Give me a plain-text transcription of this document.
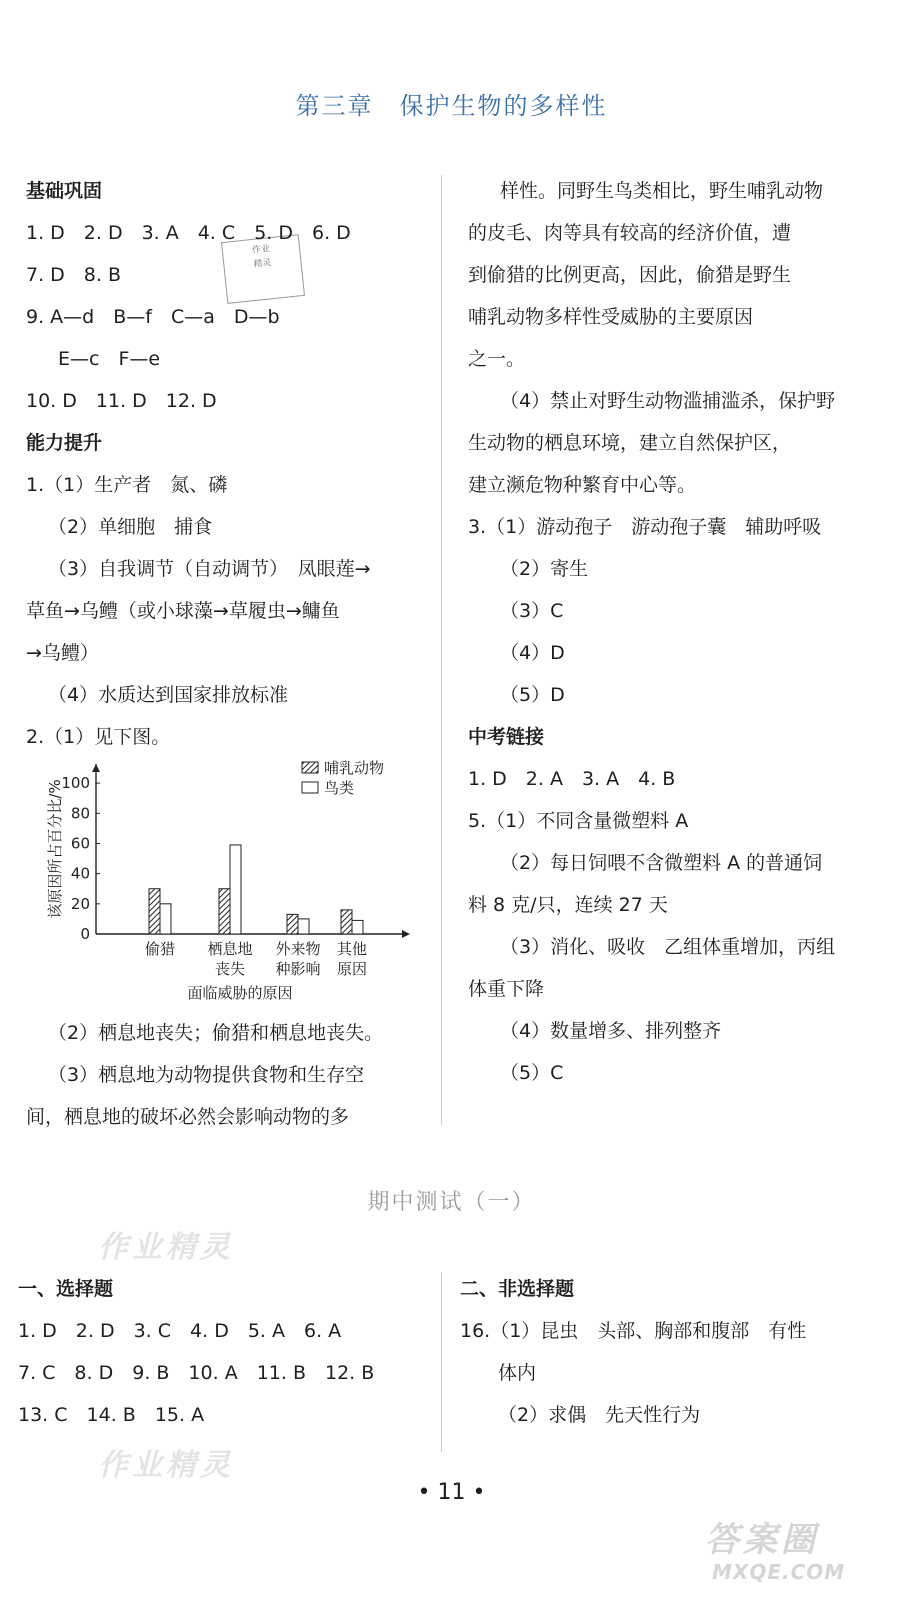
第三章　保护生物的多样性
作业
精灵
基础巩固
1. D　2. D　3. A　4. C　5. D　6. D
7. D　8. B
9. A—d　B—f　C—a　D—b
E—c　F—e
10. D　11. D　12. D
能力提升
1.（1）生产者　氮、磷
（2）单细胞　捕食
（3）自我调节（自动调节）　凤眼莲→
草鱼→乌鳢（或小球藻→草履虫→鳙鱼
→乌鳢）
（4）水质达到国家排放标准
2.（1）见下图。
0
20
40
60
80
100
该原因所占百分比/%
偷猎 栖息地
丧失
外来物
种影响
其他
原因
面临威胁的原因
哺乳动物
鸟类
（2）栖息地丧失；偷猎和栖息地丧失。
（3）栖息地为动物提供食物和生存空
间，栖息地的破坏必然会影响动物的多
样性。同野生鸟类相比，野生哺乳动物
的皮毛、肉等具有较高的经济价值，遭
到偷猎的比例更高，因此，偷猎是野生
哺乳动物多样性受威胁的主要原因
之一。
（4）禁止对野生动物滥捕滥杀，保护野
生动物的栖息环境，建立自然保护区，
建立濒危物种繁育中心等。
3.（1）游动孢子　游动孢子囊　辅助呼吸
（2）寄生
（3）C
（4）D
（5）D
中考链接
1. D　2. A　3. A　4. B
5.（1）不同含量微塑料 A
（2）每日饲喂不含微塑料 A 的普通饲
料 8 克/只，连续 27 天
（3）消化、吸收　乙组体重增加，丙组
体重下降
（4）数量增多、排列整齐
（5）C
期中测试（一）
作业精灵
一、选择题
1. D　2. D　3. C　4. D　5. A　6. A
7. C　8. D　9. B　10. A　11. B　12. B
13. C　14. B　15. A
二、非选择题
16.（1）昆虫　头部、胸部和腹部　有性
体内
（2）求偶　先天性行为
作业精灵
• 11 •
答案圈
MXQE.COM
